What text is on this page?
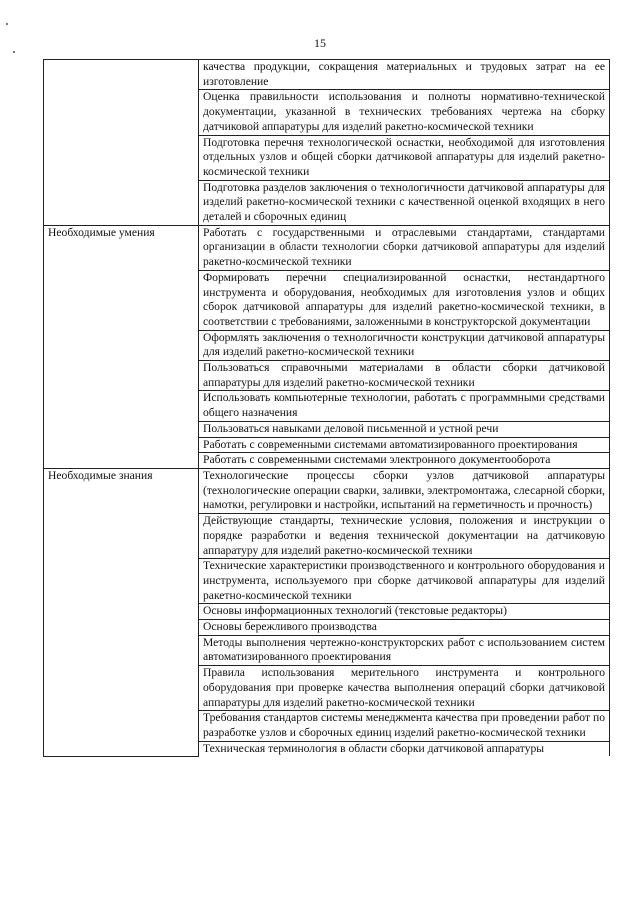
15
	качества продукции, сокращения материальных и трудовых затрат на ее изготовление
	Оценка правильности использования и полноты нормативно-технической документации, указанной в технических требованиях чертежа на сборку датчиковой аппаратуры для изделий ракетно-космической техники
	Подготовка перечня технологической оснастки, необходимой для изготовления отдельных узлов и общей сборки датчиковой аппаратуры для изделий ракетно-космической техники
	Подготовка разделов заключения о технологичности датчиковой аппаратуры для изделий ракетно-космической техники с качественной оценкой входящих в него деталей и сборочных единиц
Необходимые умения	Работать с государственными и отраслевыми стандартами, стандартами организации в области технологии сборки датчиковой аппаратуры для изделий ракетно-космической техники
	Формировать перечни специализированной оснастки, нестандартного инструмента и оборудования, необходимых для изготовления узлов и общих сборок датчиковой аппаратуры для изделий ракетно-космической техники, в соответствии с требованиями, заложенными в конструкторской документации
	Оформлять заключения о технологичности конструкции датчиковой аппаратуры для изделий ракетно-космической техники
	Пользоваться справочными материалами в области сборки датчиковой аппаратуры для изделий ракетно-космической техники
	Использовать компьютерные технологии, работать с программными средствами общего назначения
	Пользоваться навыками деловой письменной и устной речи
	Работать с современными системами автоматизированного проектирования
	Работать с современными системами электронного документооборота
Необходимые знания	Технологические процессы сборки узлов датчиковой аппаратуры (технологические операции сварки, заливки, электромонтажа, слесарной сборки, намотки, регулировки и настройки, испытаний на герметичность и прочность)
	Действующие стандарты, технические условия, положения и инструкции о порядке разработки и ведения технической документации на датчиковую аппаратуру для изделий ракетно-космической техники
	Технические характеристики производственного и контрольного оборудования и инструмента, используемого при сборке датчиковой аппаратуры для изделий ракетно-космической техники
	Основы информационных технологий (текстовые редакторы)
	Основы бережливого производства
	Методы выполнения чертежно-конструкторских работ с использованием систем автоматизированного проектирования
	Правила использования мерительного инструмента и контрольного оборудования при проверке качества выполнения операций сборки датчиковой аппаратуры для изделий ракетно-космической техники
	Требования стандартов системы менеджмента качества при проведении работ по разработке узлов и сборочных единиц изделий ракетно-космической техники

	Техническая терминология в области сборки датчиковой аппаратуры
